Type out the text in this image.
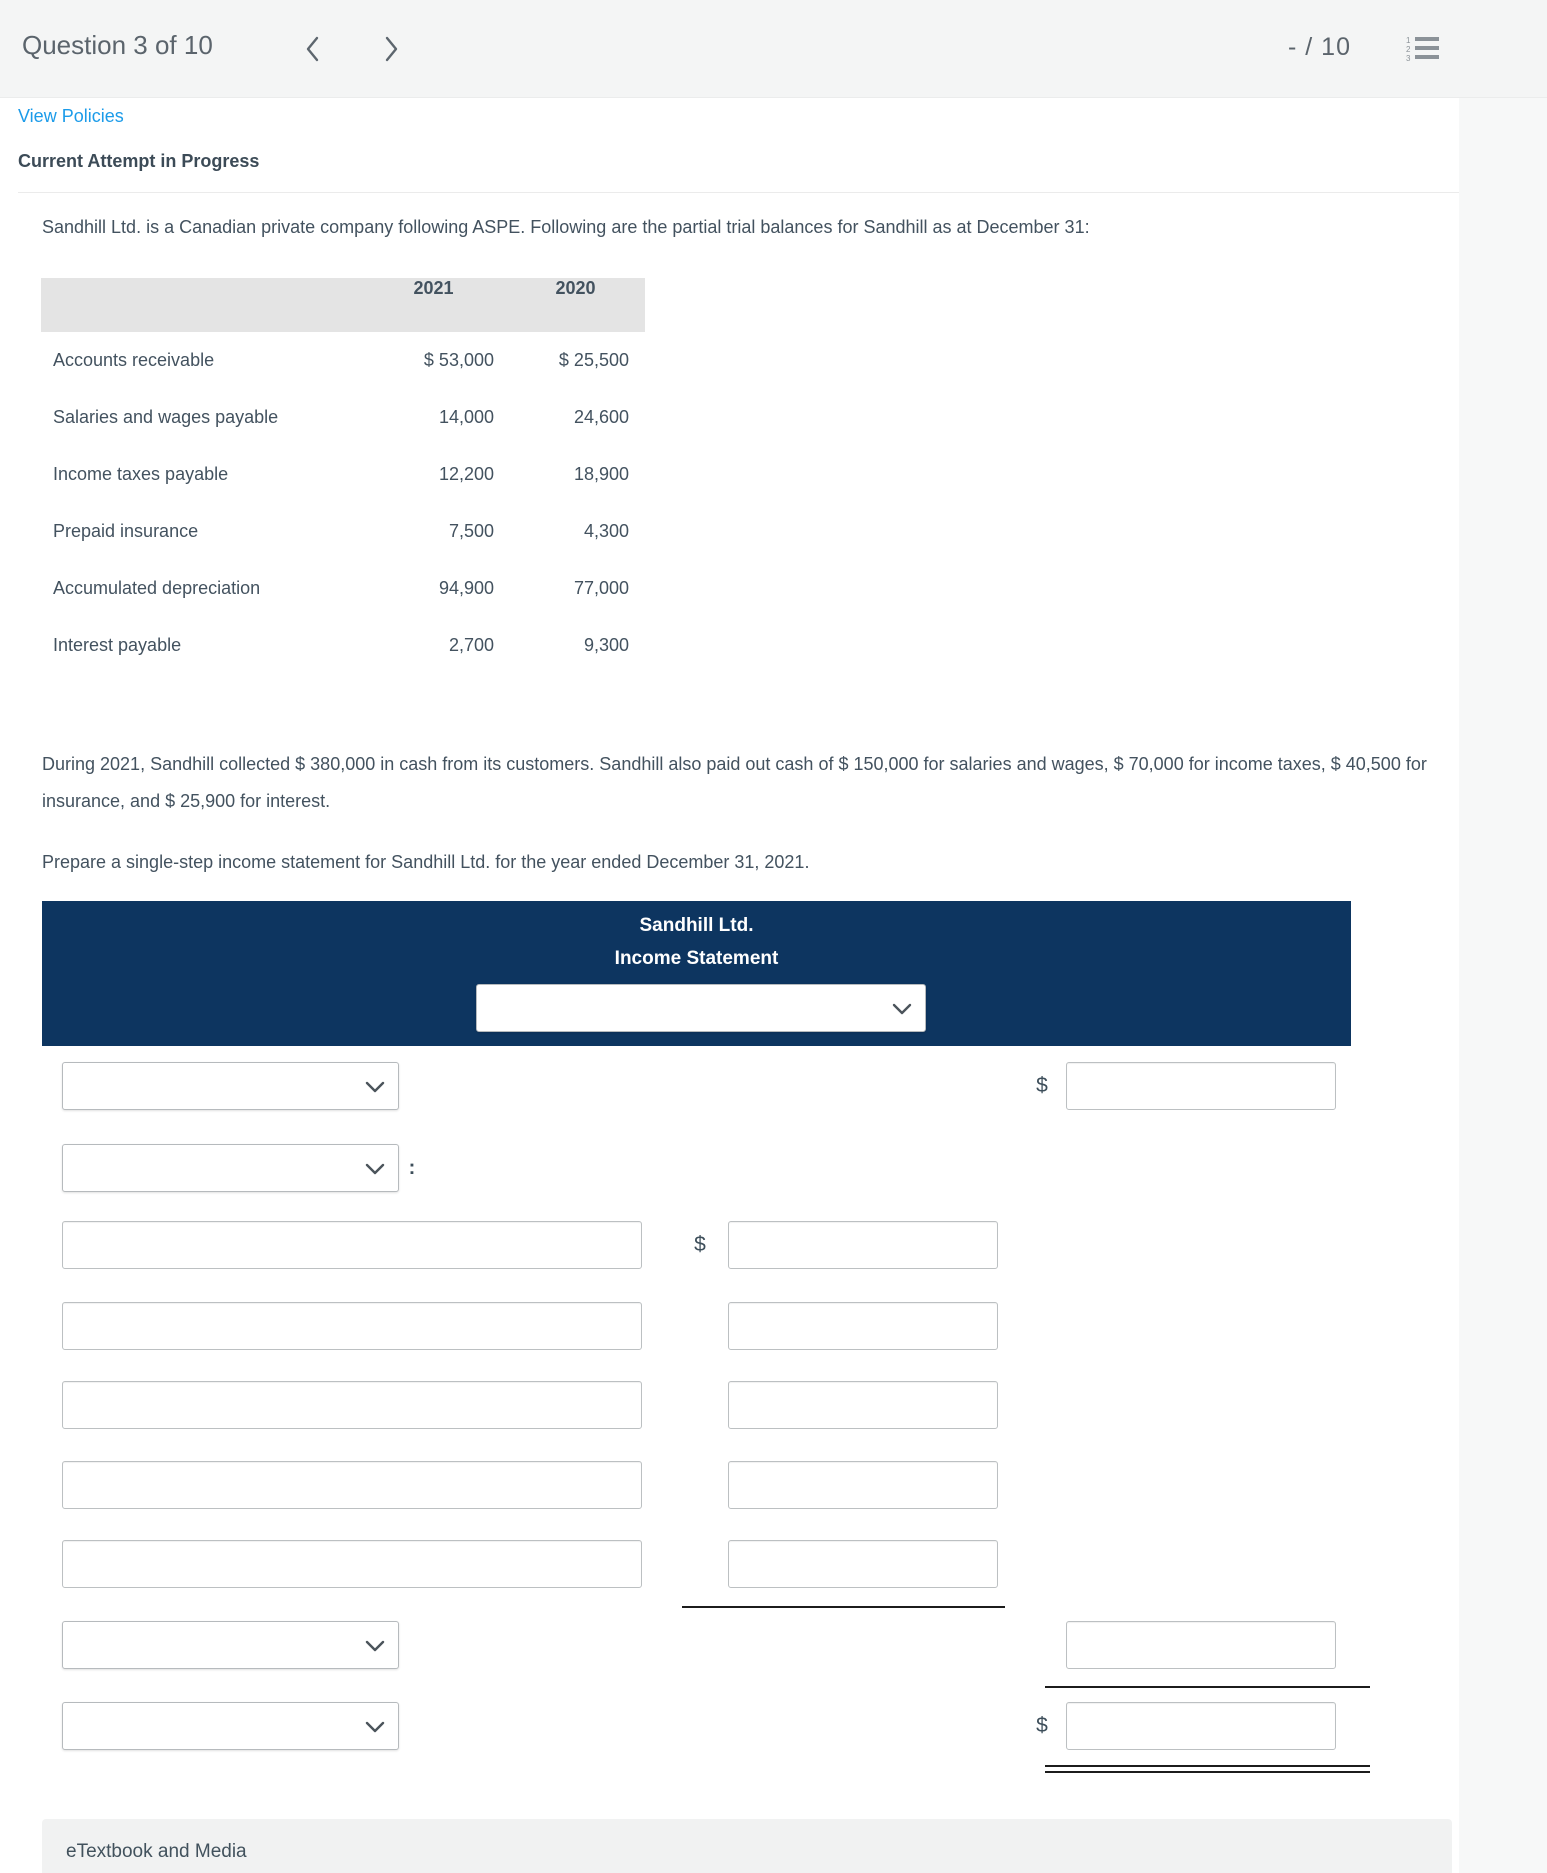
Question 3 of 10	- / 10	1
2
3
View Policies
Current Attempt in Progress

Sandhill Ltd. is a Canadian private company following ASPE. Following are the partial trial balances for Sandhill as at December 31:

2021	2020
Accounts receivable	$ 53,000	$ 25,500
Salaries and wages payable	14,000	24,600
Income taxes payable	12,200	18,900
Prepaid insurance	7,500	4,300
Accumulated depreciation	94,900	77,000
Interest payable	2,700	9,300

During 2021, Sandhill collected $ 380,000 in cash from its customers. Sandhill also paid out cash of $ 150,000 for salaries and wages, $ 70,000 for income taxes, $ 40,500 for insurance, and $ 25,900 for interest.

Prepare a single-step income statement for Sandhill Ltd. for the year ended December 31, 2021.

Sandhill Ltd.
Income Statement
$
:
$
$
eTextbook and Media
